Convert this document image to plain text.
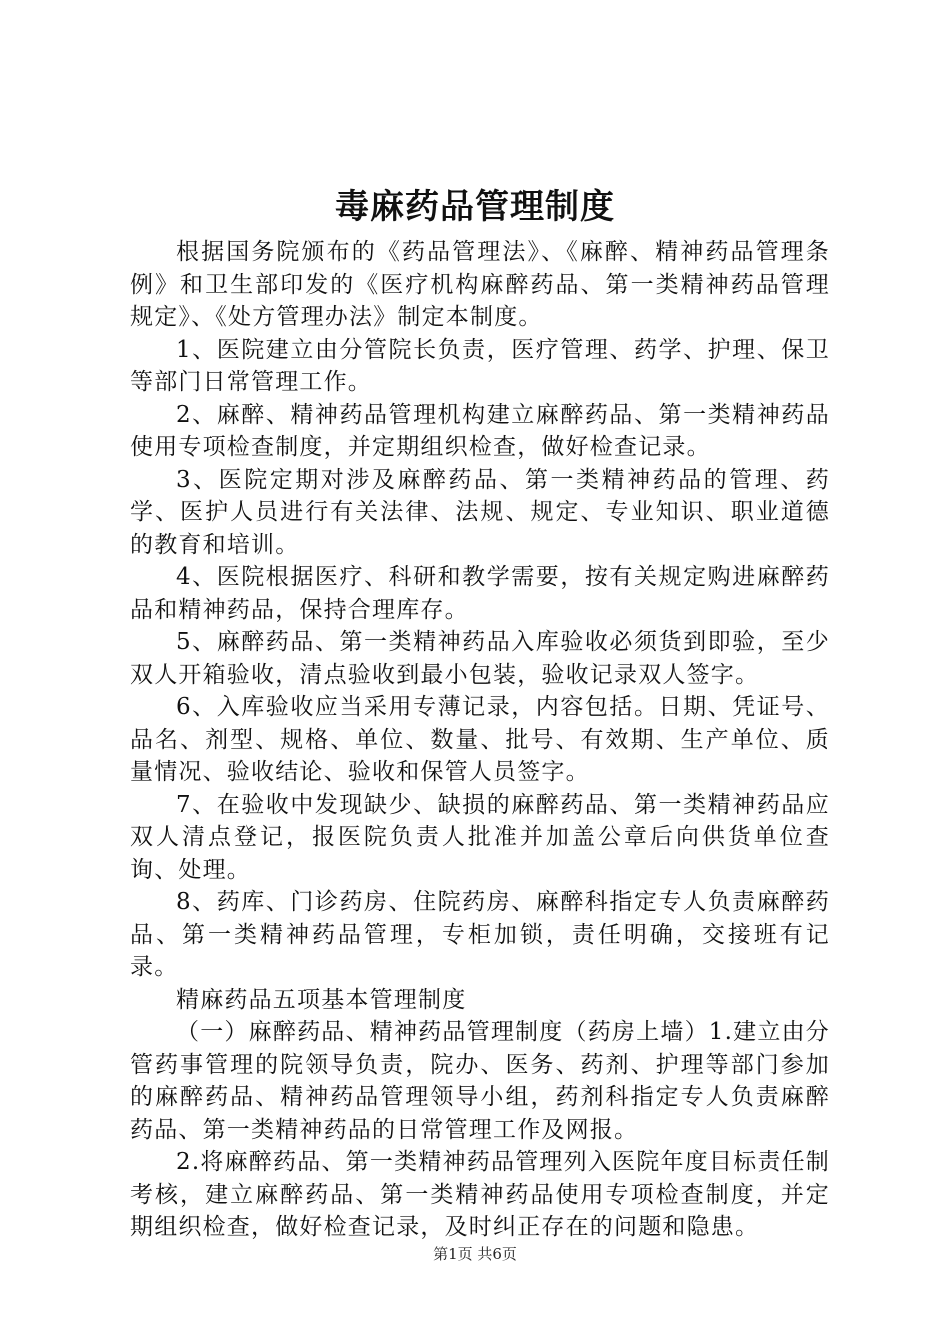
毒麻药品管理制度

根据国务院颁布的《药品管理法》、《麻醉、精神药品管理条例》和卫生部印发的《医疗机构麻醉药品、第一类精神药品管理规定》、《处方管理办法》制定本制度。

1、医院建立由分管院长负责，医疗管理、药学、护理、保卫等部门日常管理工作。

2、麻醉、精神药品管理机构建立麻醉药品、第一类精神药品使用专项检查制度，并定期组织检查，做好检查记录。

3、医院定期对涉及麻醉药品、第一类精神药品的管理、药学、医护人员进行有关法律、法规、规定、专业知识、职业道德的教育和培训。

4、医院根据医疗、科研和教学需要，按有关规定购进麻醉药品和精神药品，保持合理库存。

5、麻醉药品、第一类精神药品入库验收必须货到即验，至少双人开箱验收，清点验收到最小包装，验收记录双人签字。

6、入库验收应当采用专薄记录，内容包括。日期、凭证号、品名、剂型、规格、单位、数量、批号、有效期、生产单位、质量情况、验收结论、验收和保管人员签字。

7、在验收中发现缺少、缺损的麻醉药品、第一类精神药品应双人清点登记，报医院负责人批准并加盖公章后向供货单位查询、处理。

8、药库、门诊药房、住院药房、麻醉科指定专人负责麻醉药品、第一类精神药品管理，专柜加锁，责任明确，交接班有记录。

精麻药品五项基本管理制度

（一）麻醉药品、精神药品管理制度（药房上墙）1.建立由分管药事管理的院领导负责，院办、医务、药剂、护理等部门参加的麻醉药品、精神药品管理领导小组，药剂科指定专人负责麻醉药品、第一类精神药品的日常管理工作及网报。

2.将麻醉药品、第一类精神药品管理列入医院年度目标责任制考核，建立麻醉药品、第一类精神药品使用专项检查制度，并定期组织检查，做好检查记录，及时纠正存在的问题和隐患。

第1页 共6页
